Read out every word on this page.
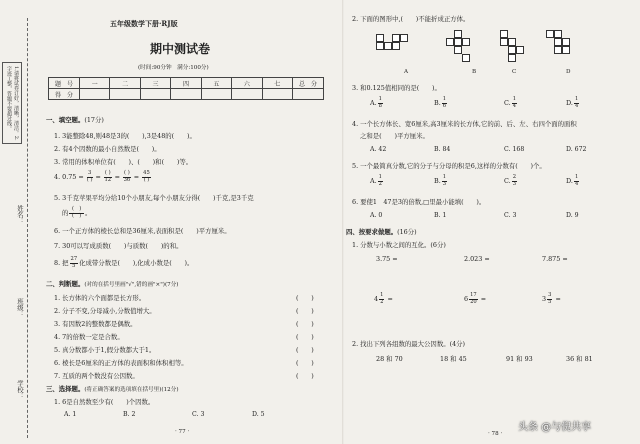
1.请将试卷订好，清晰，清洁。2.字迹工整，答题不要超过线。
姓名：
班级：
学校：
五年级数学下册·RJ版
期中测试卷
(时间:90分钟　满分:100分)
题　号	一	二	三	四	五	六	七	总　分
得　分								
一、填空题。(17分)
1. 3能整除48,则48是3的(　　),3是48的(　　)。
2. 有4个因数的最小自然数是(　　)。
3. 常用的体积单位有(　　)、(　　)和(　　)等。
4. $0.75 = \frac{3}{( )} = \frac{( )}{12} = \frac{( )}{36} = \frac{45}{( )}$
5. 3千克苹果平均分给10个小朋友,每个小朋友分得(　　)千克,是3千克
的 $\frac{( )}{( )}$ 。
6. 一个正方体的棱长总和是36厘米,表面积是(　　)平方厘米。
7. 30可以写成质数(　　)与质数(　　)的和。
8. 把 $\frac{27}{5}$ 化成带分数是(　　),化成小数是(　　)。
二、判断题。(对的在括号里画"√",错的画"×")(7分)
1. 长方体的六个面都是长方形。	(　　)
2. 分子不变,分母减小,分数值增大。	(　　)
3. 有因数2的整数都是偶数。	(　　)
4. 7的倍数一定是合数。	(　　)
5. 真分数都小于1,假分数都大于1。	(　　)
6. 棱长是6厘米的正方体的表面积和体积相等。	(　　)
7. 互质的两个数没有公因数。	(　　)
三、选择题。(将正确答案的选项填在括号里)(12分)
1. 6是自然数至少有(　　)个因数。
A. 1	B. 2	C. 3	D. 5
· 77 ·
2. 下面的图形中,(　　)不能折成正方体。
A	B	C	D
3. 和0.125值相同的是(　　)。
A. $\frac{1}{8}$	B. $\frac{1}{6}$	C. $\frac{1}{4}$	D. $\frac{1}{4}$
4. 一个长方体长、宽6厘米,高3厘米的长方体,它的前、后、左、右四个面的面积
之和是(　　)平方厘米。
A. 42	B. 84	C. 168	D. 672
5. 一个最简真分数,它的分子与分母的积是6,这样的分数有(　　)个。
A. $\frac{1}{2}$	B. $\frac{1}{3}$	C. $\frac{2}{3}$	D. $\frac{1}{4}$
6. 要使1　47是3的倍数,□里最小能填(　　)。
A. 0	B. 1	C. 3	D. 9
四、按要求做题。(16分)
1. 分数与小数之间的互化。(6分)
3.75 =	2.023 =	7.875 =
$4 \frac{1}{2}$ =	$6 \frac{17}{20}$ =	$3 \frac{3}{5}$ =
2. 找出下列各组数的最大公因数。(4分)
28 和 70	18 和 45	91 和 93	36 和 81
· 78 ·
头条 @与倪共享
